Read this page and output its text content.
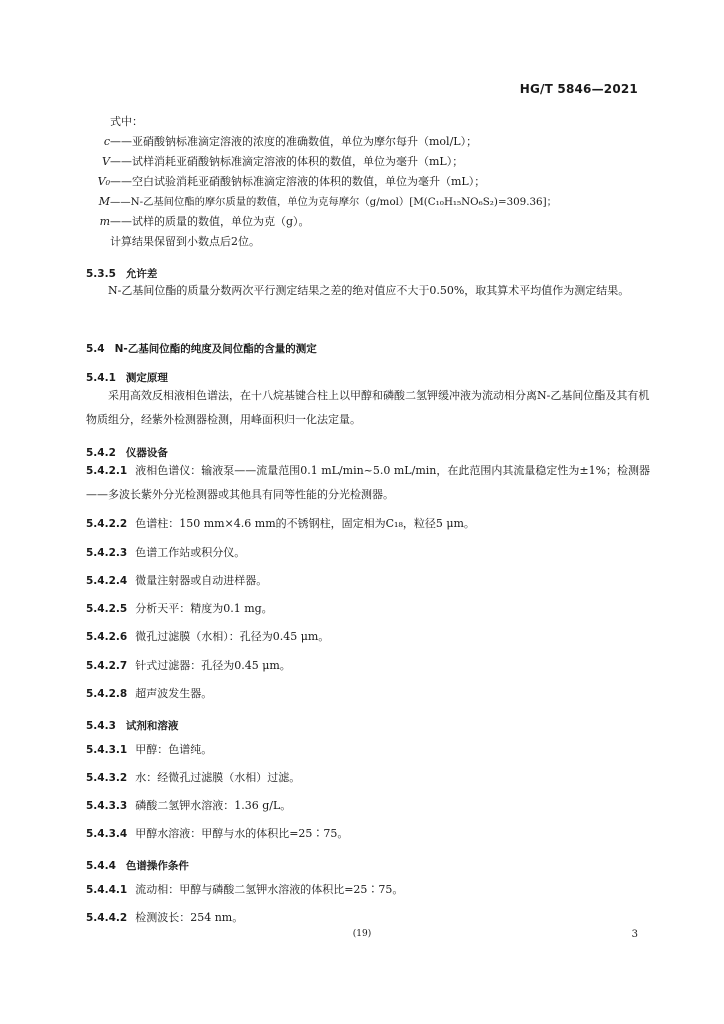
HG/T 5846—2021
式中：
c——亚硝酸钠标准滴定溶液的浓度的准确数值，单位为摩尔每升（mol/L）；
V——试样消耗亚硝酸钠标准滴定溶液的体积的数值，单位为毫升（mL）；
V₀——空白试验消耗亚硝酸钠标准滴定溶液的体积的数值，单位为毫升（mL）；
M——N-乙基间位酯的摩尔质量的数值，单位为克每摩尔（g/mol）[M(C₁₀H₁₅NO₆S₂)=309.36]；
m——试样的质量的数值，单位为克（g）。
计算结果保留到小数点后2位。
5.3.5 允许差
N-乙基间位酯的质量分数两次平行测定结果之差的绝对值应不大于0.50%，取其算术平均值作为测定结果。
5.4 N-乙基间位酯的纯度及间位酯的含量的测定
5.4.1 测定原理
采用高效反相液相色谱法，在十八烷基键合柱上以甲醇和磷酸二氢钾缓冲液为流动相分离N-乙基间位酯及其有机物质组分，经紫外检测器检测，用峰面积归一化法定量。
5.4.2 仪器设备
5.4.2.1 液相色谱仪：输液泵——流量范围0.1 mL/min~5.0 mL/min，在此范围内其流量稳定性为±1%；检测器——多波长紫外分光检测器或其他具有同等性能的分光检测器。
5.4.2.2 色谱柱：150 mm×4.6 mm的不锈钢柱，固定相为C₁₈，粒径5 μm。
5.4.2.3 色谱工作站或积分仪。
5.4.2.4 微量注射器或自动进样器。
5.4.2.5 分析天平：精度为0.1 mg。
5.4.2.6 微孔过滤膜（水相）：孔径为0.45 μm。
5.4.2.7 针式过滤器：孔径为0.45 μm。
5.4.2.8 超声波发生器。
5.4.3 试剂和溶液
5.4.3.1 甲醇：色谱纯。
5.4.3.2 水：经微孔过滤膜（水相）过滤。
5.4.3.3 磷酸二氢钾水溶液：1.36 g/L。
5.4.3.4 甲醇水溶液：甲醇与水的体积比=25∶75。
5.4.4 色谱操作条件
5.4.4.1 流动相：甲醇与磷酸二氢钾水溶液的体积比=25∶75。
5.4.4.2 检测波长：254 nm。
(19)	3
